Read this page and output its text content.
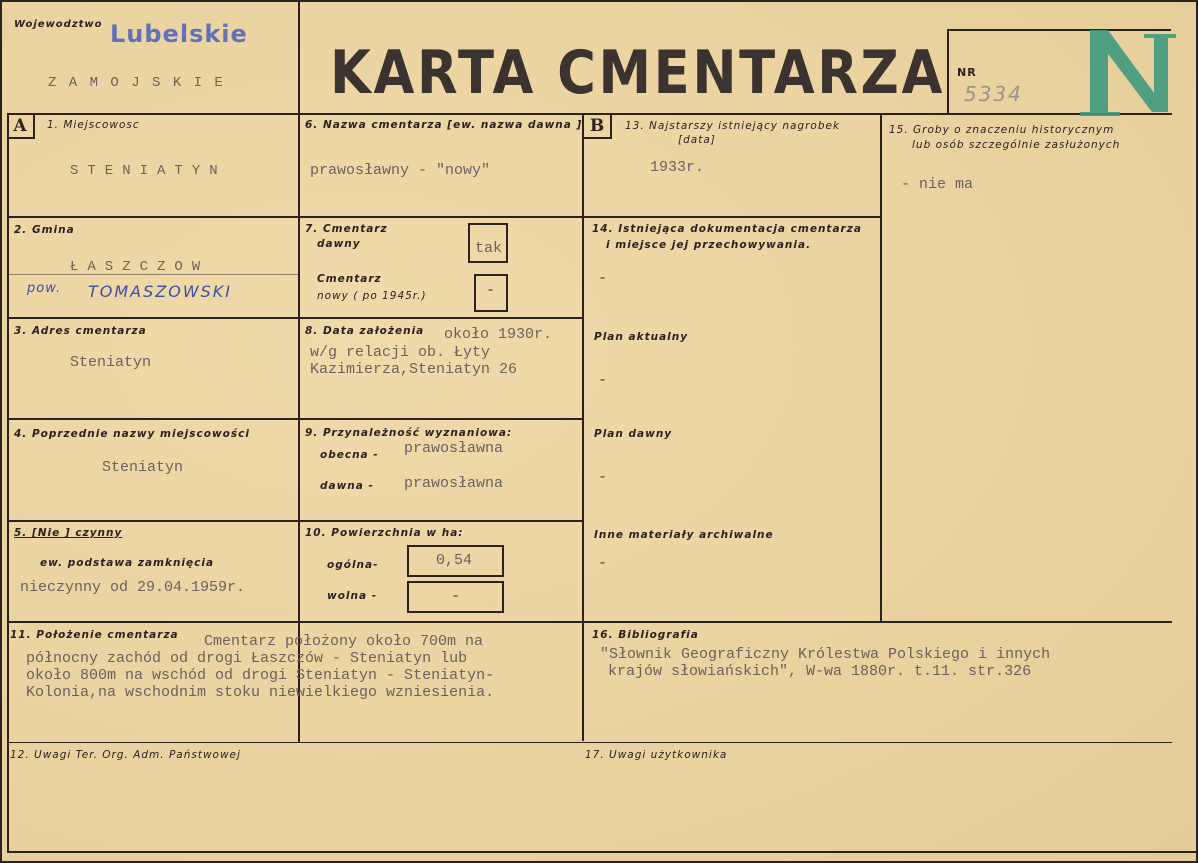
Wojewodztwo Lubelskie
Z A M O J S K I E KARTA CMENTARZA NR
5334
A	1. Miejscowosc
STENIATYN
2. Gmina
ŁASZCZOW
pow. TOMASZOWSKI
3. Adres cmentarza
Steniatyn
4. Poprzednie nazwy miejscowości
Steniatyn
5. [Nie ] czynny
ew. podstawa zamknięcia
nieczynny od 29.04.1959r.
6. Nazwa cmentarza [ew. nazwa dawna ]
prawosławny - "nowy"
7. Cmentarz
dawny	tak
Cmentarz
nowy ( po 1945r.)	-
8. Data założenia około 1930r.
w/g relacji ob. Łyty
Kazimierza,Steniatyn 26
9. Przynależność wyznaniowa:
obecna - prawosławna
dawna - prawosławna
10. Powierzchnia w ha:
ogólna-	0,54
wolna -	-
11. Położenie cmentarza Cmentarz położony około 700m na
północny zachód od drogi Łaszczów - Steniatyn lub
około 800m na wschód od drogi Steniatyn - Steniatyn-
Kolonia,na wschodnim stoku niewielkiego wzniesienia.
12. Uwagi Ter. Org. Adm. Państwowej
B	13. Najstarszy istniejący nagrobek
[data]
1933r.
14. Istniejąca dokumentacja cmentarza
i miejsce jej przechowywania.
-
Plan aktualny
-
Plan dawny
-
Inne materiały archiwalne
-
15. Groby o znaczeniu historycznym
lub osób szczególnie zasłużonych
- nie ma
16. Bibliografia
"Słownik Geograficzny Królestwa Polskiego i innych
krajów słowiańskich", W-wa 1880r. t.11. str.326
17. Uwagi użytkownika
